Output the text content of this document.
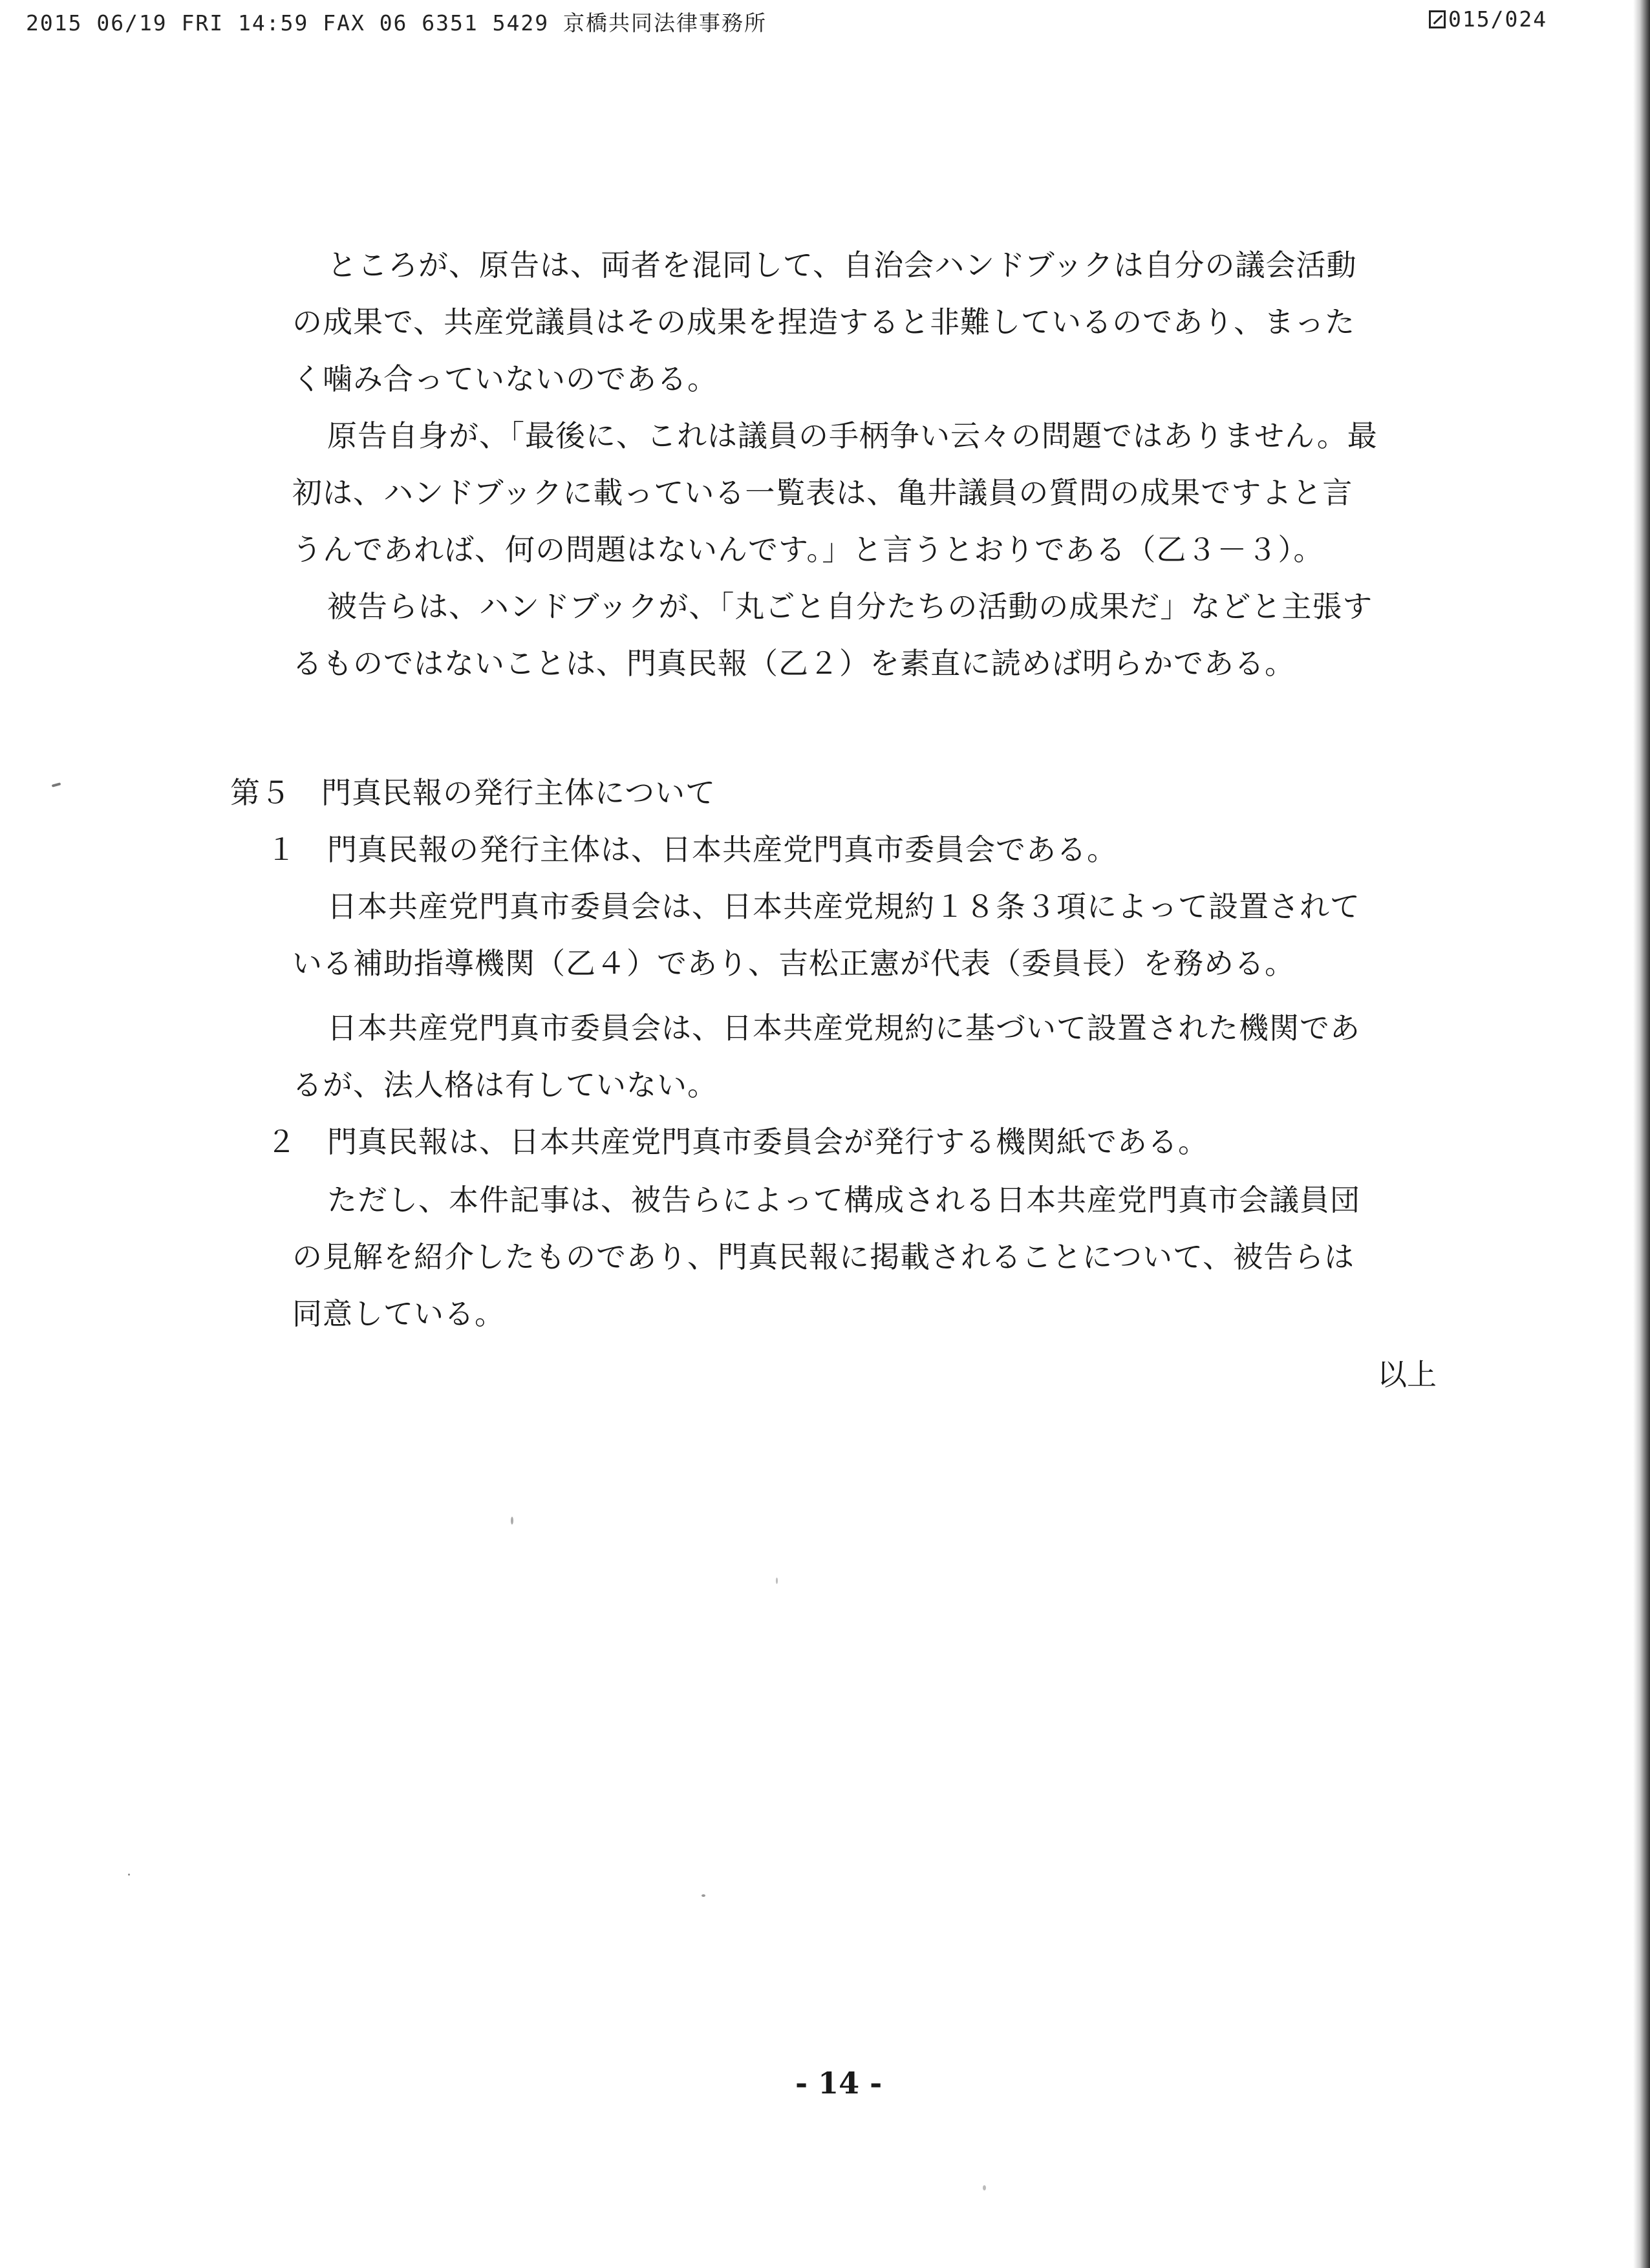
2015 06/19 FRI 14:59 FAX 06 6351 5429 京橋共同法律事務所	015/024
ところが、原告は、両者を混同して、自治会ハンドブックは自分の議会活動
の成果で、共産党議員はその成果を捏造すると非難しているのであり、まった
く噛み合っていないのである。
原告自身が、「最後に、これは議員の手柄争い云々の問題ではありません。最
初は、ハンドブックに載っている一覧表は、亀井議員の質問の成果ですよと言
うんであれば、何の問題はないんです。」と言うとおりである（乙３－３）。
被告らは、ハンドブックが、「丸ごと自分たちの活動の成果だ」などと主張す
るものではないことは、門真民報（乙２）を素直に読めば明らかである。
第５　門真民報の発行主体について
１ 門真民報の発行主体は、日本共産党門真市委員会である。
日本共産党門真市委員会は、日本共産党規約１８条３項によって設置されて
いる補助指導機関（乙４）であり、吉松正憲が代表（委員長）を務める。
日本共産党門真市委員会は、日本共産党規約に基づいて設置された機関であ
るが、法人格は有していない。
２ 門真民報は、日本共産党門真市委員会が発行する機関紙である。
ただし、本件記事は、被告らによって構成される日本共産党門真市会議員団
の見解を紹介したものであり、門真民報に掲載されることについて、被告らは
同意している。
以上
- 14 -
